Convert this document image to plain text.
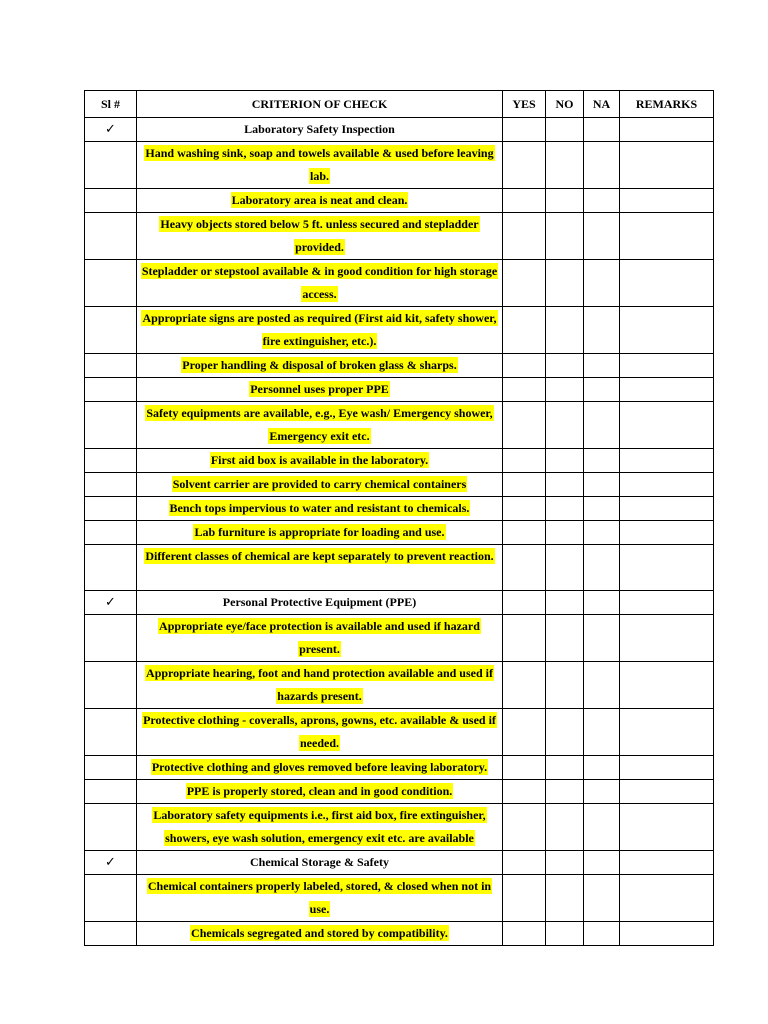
Sl #	CRITERION OF CHECK	YES	NO	NA	REMARKS
✓	Laboratory Safety Inspection				
	Hand washing sink, soap and towels available & used before leaving lab.				
	Laboratory area is neat and clean.				
	Heavy objects stored below 5 ft. unless secured and stepladder provided.				
	Stepladder or stepstool available & in good condition for high storage access.				
	Appropriate signs are posted as required (First aid kit, safety shower, fire extinguisher, etc.).				
	Proper handling & disposal of broken glass & sharps.				
	Personnel uses proper PPE				
	Safety equipments are available, e.g., Eye wash/ Emergency shower, Emergency exit etc.				
	First aid box is available in the laboratory.				
	Solvent carrier are provided to carry chemical containers				
	Bench tops impervious to water and resistant to chemicals.				
	Lab furniture is appropriate for loading and use.				
	Different classes of chemical are kept separately to prevent reaction.				
✓	Personal Protective Equipment (PPE)				
	Appropriate eye/face protection is available and used if hazard present.				
	Appropriate hearing, foot and hand protection available and used if hazards present.				
	Protective clothing - coveralls, aprons, gowns, etc. available & used if needed.				
	Protective clothing and gloves removed before leaving laboratory.				
	PPE is properly stored, clean and in good condition.				
	Laboratory safety equipments i.e., first aid box, fire extinguisher, showers, eye wash solution, emergency exit etc. are available				
✓	Chemical Storage & Safety				
	Chemical containers properly labeled, stored, & closed when not in use.				
	Chemicals segregated and stored by compatibility.				
